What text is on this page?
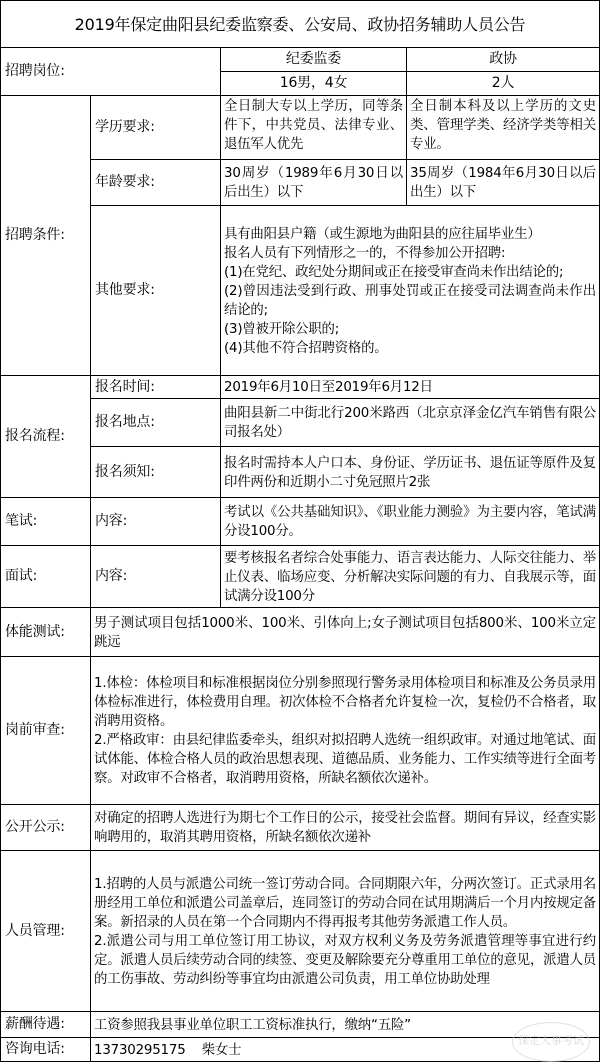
2019年保定曲阳县纪委监察委、公安局、政协招务辅助人员公告
招聘岗位:
纪委监委	政协
16男，4女	2人
招聘条件:
学历要求:
全日制大专以上学历，同等条件下，中共党员、法律专业、退伍军人优先
全日制本科及以上学历的文史类、管理学类、经济学类等相关专业。
年龄要求:
30周岁（1989年6月30日以后出生）以下
35周岁（1984年6月30日以后出生）以下
其他要求:
具有曲阳县户籍（或生源地为曲阳县的应往届毕业生）
报名人员有下列情形之一的，不得参加公开招聘:
(1)在党纪、政纪处分期间或正在接受审查尚未作出结论的;
(2)曾因违法受到行政、刑事处罚或正在接受司法调查尚未作出结论的;
(3)曾被开除公职的;
(4)其他不符合招聘资格的。
报名流程:
报名时间:	2019年6月10日至2019年6月12日
报名地点:
曲阳县新二中街北行200米路西（北京京泽金亿汽车销售有限公司报名处）
报名须知:
报名时需持本人户口本、身份证、学历证书、退伍证等原件及复印件两份和近期小二寸免冠照片2张
笔试:	内容:
考试以《公共基础知识》、《职业能力测验》为主要内容，笔试满分设100分。
面试:	内容:
要考核报名者综合处事能力、语言表达能力、人际交往能力、举止仪表、临场应变、分析解决实际问题的有力、自我展示等，面试满分设100分
体能测试:
男子测试项目包括1000米、100米、引体向上;女子测试项目包括800米、100米立定跳远
岗前审查:
1.体检：体检项目和标准根据岗位分别参照现行警务录用体检项目和标准及公务员录用体检标准进行，体检费用自理。初次体检不合格者允许复检一次，复检仍不合格者，取消聘用资格。
2.严格政审：由县纪律监委牵头，组织对拟招聘人选统一组织政审。对通过地笔试、面试体能、体检合格人员的政治思想表现、道德品质、业务能力、工作实绩等进行全面考察。对政审不合格者，取消聘用资格，所缺名额依次递补。
公开公示:
对确定的招聘人选进行为期七个工作日的公示，接受社会监督。期间有异议，经查实影响聘用的，取消其聘用资格，所缺名额依次递补
人员管理:
1.招聘的人员与派遣公司统一签订劳动合同。合同期限六年，分两次签订。正式录用名册经用工单位和派遣公司盖章后，连同签订的劳动合同在试用期满后一个月内按规定备案。新招录的人员在第一个合同期内不得再报考其他劳务派遣工作人员。
2.派遣公司与用工单位签订用工协议，对双方权利义务及劳务派遣管理等事宜进行约定。派遣人员后续劳动合同的续签、变更及解除要充分尊重用工单位的意见，派遣人员的工伤事故、劳动纠纷等事宜均由派遣公司负责，用工单位协助处理
薪酬待遇:	工资参照我县事业单位职工工资标准执行，缴纳“五险”
咨询电话:	13730295175    柴女士
保定人事考试
